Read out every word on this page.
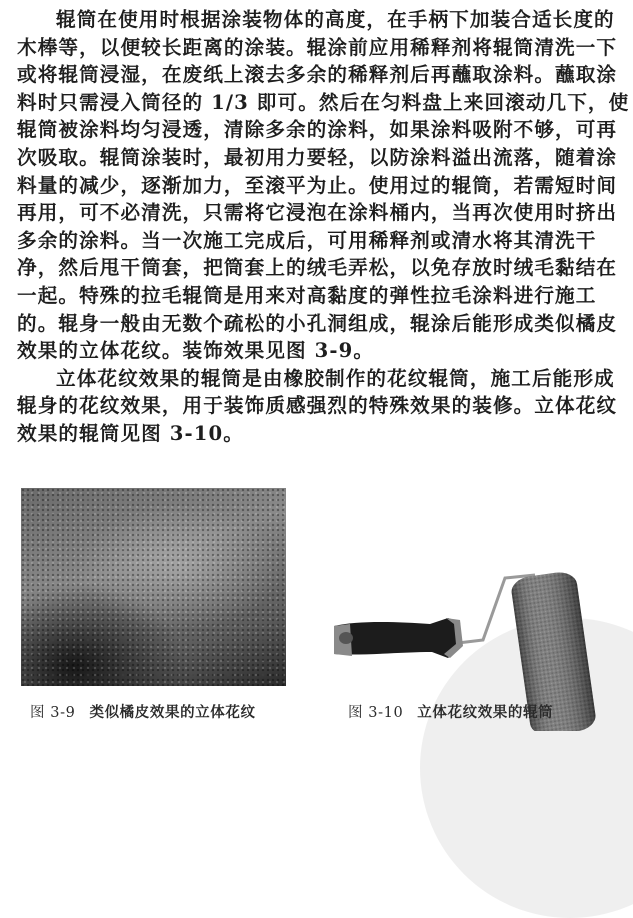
辊筒在使用时根据涂装物体的高度，在手柄下加装合适长度的
木棒等，以便较长距离的涂装。辊涂前应用稀释剂将辊筒清洗一下
或将辊筒浸湿，在废纸上滚去多余的稀释剂后再蘸取涂料。蘸取涂
料时只需浸入筒径的 1/3 即可。然后在匀料盘上来回滚动几下，使
辊筒被涂料均匀浸透，清除多余的涂料，如果涂料吸附不够，可再
次吸取。辊筒涂装时，最初用力要轻，以防涂料溢出流落，随着涂
料量的减少，逐渐加力，至滚平为止。使用过的辊筒，若需短时间
再用，可不必清洗，只需将它浸泡在涂料桶内，当再次使用时挤出
多余的涂料。当一次施工完成后，可用稀释剂或清水将其清洗干
净，然后甩干筒套，把筒套上的绒毛弄松，以免存放时绒毛黏结在
一起。特殊的拉毛辊筒是用来对高黏度的弹性拉毛涂料进行施工
的。辊身一般由无数个疏松的小孔洞组成，辊涂后能形成类似橘皮
效果的立体花纹。装饰效果见图 3-9。

立体花纹效果的辊筒是由橡胶制作的花纹辊筒，施工后能形成
辊身的花纹效果，用于装饰质感强烈的特殊效果的装修。立体花纹
效果的辊筒见图 3-10。

图 3-9 类似橘皮效果的立体花纹	图 3-10 立体花纹效果的辊筒
